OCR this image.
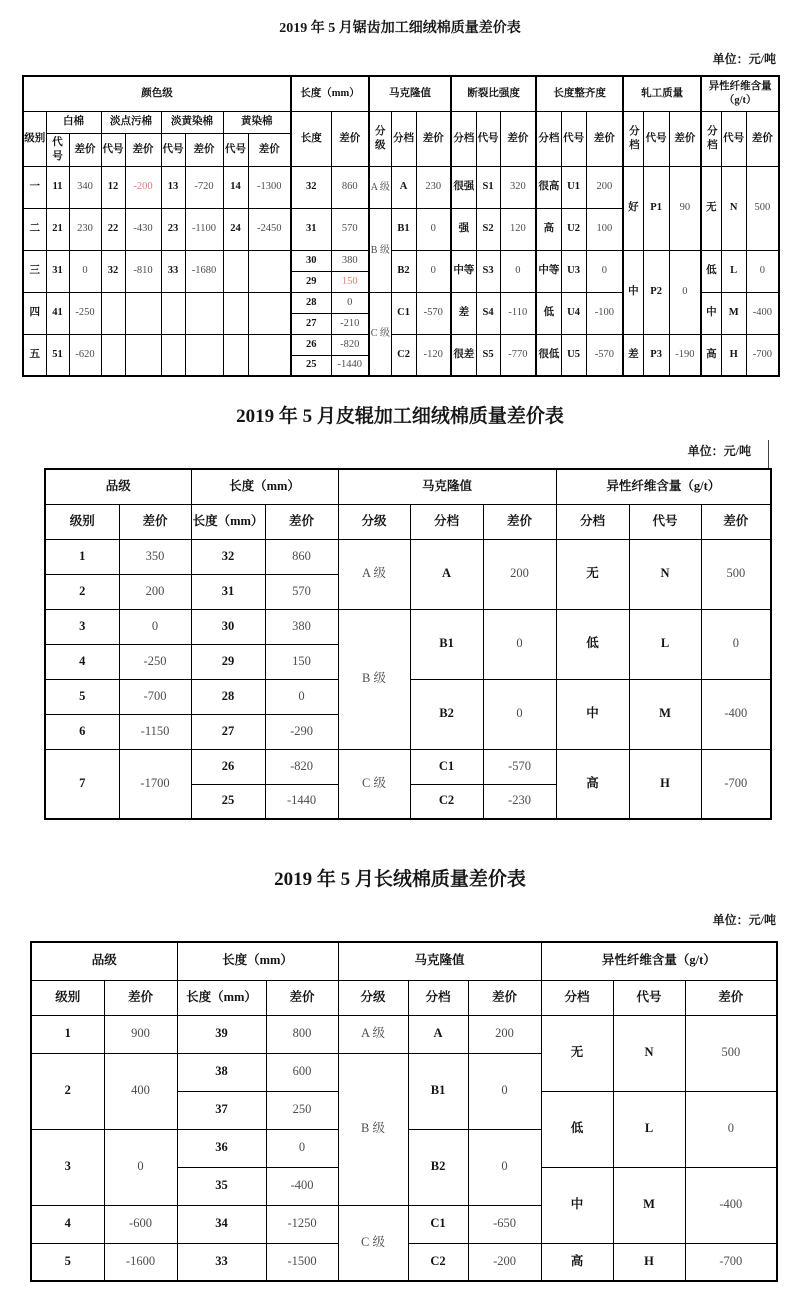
2019 年 5 月锯齿加工细绒棉质量差价表
单位：元/吨
颜色级									长度（mm）		马克隆值			断裂比强度			长度整齐度			轧工质量			异性纤维含量（g/t）		
级别	白棉		淡点污棉		淡黄染棉		黄染棉		长度	差价	分级	分档	差价	分档	代号	差价	分档	代号	差价	分档	代号	差价	分档	代号	差价
	代号	差价	代号	差价	代号	差价	代号	差价																	
一	11	340	12	-200	13	-720	14	-1300	32	860	A 级	A	230	很强	S1	320	很高	U1	200	好	P1	90	无	N	500
二	21	230	22	-430	23	-1100	24	-2450	31	570	B 级	B1	0	强	S2	120	高	U2	100						
三	31	0	32	-810	33	-1680			30	380		B2	0	中等	S3	0	中等	U3	0	中	P2	0	低	L	0
									29	150															
四	41	-250							28	0	C 级	C1	-570	差	S4	-110	低	U4	-100				中	M	-400
									27	-210															
五	51	-620							26	-820		C2	-120	很差	S5	-770	很低	U5	-570	差	P3	-190	高	H	-700
									25	-1440															
2019 年 5 月皮辊加工细绒棉质量差价表
单位：元/吨
品级		长度（mm）		马克隆值			异性纤维含量（g/t）		
级别	差价	长度（mm）	差价	分级	分档	差价	分档	代号	差价
1	350	32	860	A 级	A	200	无	N	500
2	200	31	570						
3	0	30	380	B 级	B1	0	低	L	0
4	-250	29	150						
5	-700	28	0		B2	0	中	M	-400
6	-1150	27	-290						
7	-1700	26	-820	C 级	C1	-570	高	H	-700
		25	-1440		C2	-230			
2019 年 5 月长绒棉质量差价表
单位：元/吨
品级		长度（mm）		马克隆值			异性纤维含量（g/t）		
级别	差价	长度（mm）	差价	分级	分档	差价	分档	代号	差价
1	900	39	800	A 级	A	200	无	N	500
2	400	38	600	B 级	B1	0			
		37	250				低	L	0
3	0	36	0		B2	0			
		35	-400				中	M	-400
4	-600	34	-1250	C 级	C1	-650			
5	-1600	33	-1500		C2	-200	高	H	-700
